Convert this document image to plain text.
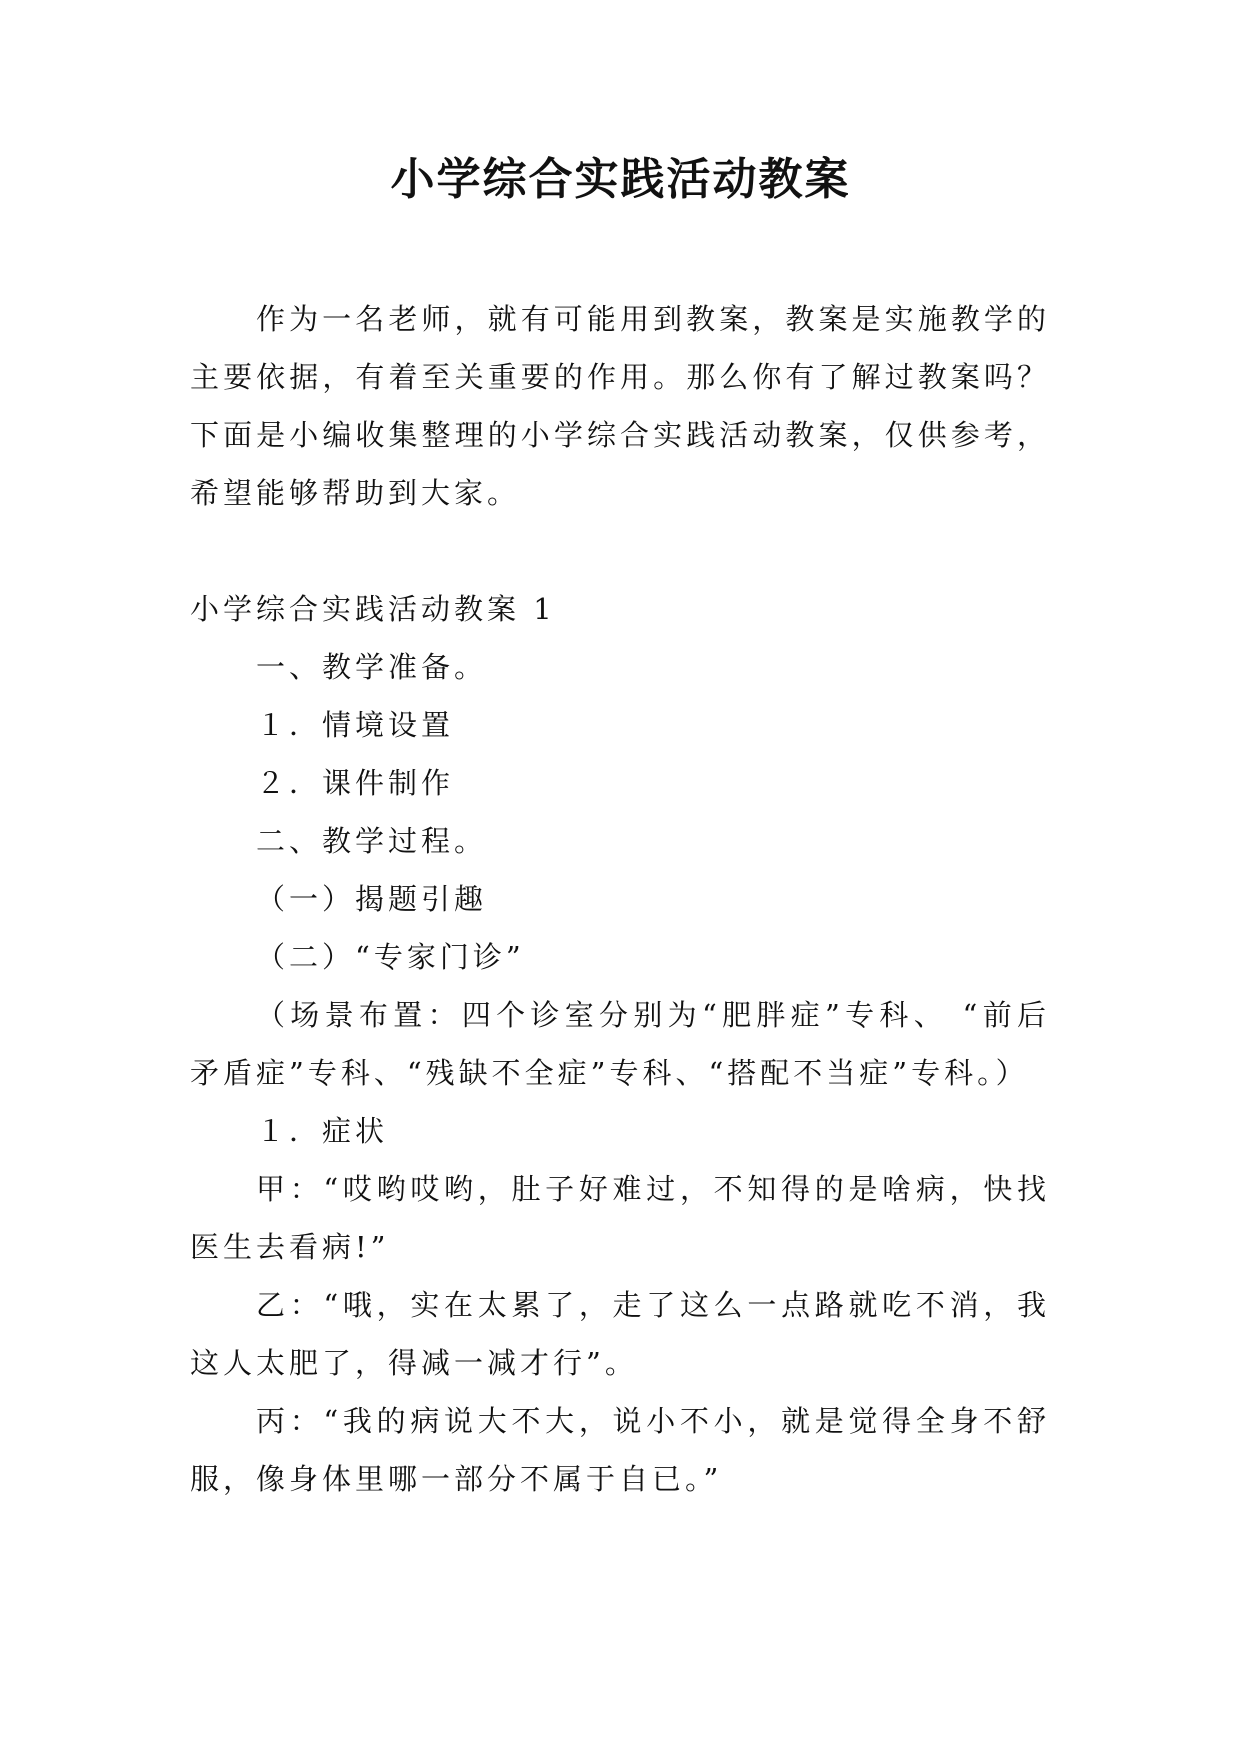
小学综合实践活动教案

作为一名老师，就有可能用到教案，教案是实施教学的主要依据，有着至关重要的作用。那么你有了解过教案吗？下面是小编收集整理的小学综合实践活动教案，仅供参考，希望能够帮助到大家。

小学综合实践活动教案 1

一、教学准备。

１．情境设置

２．课件制作

二、教学过程。

（一）揭题引趣

（二）“专家门诊”

（场景布置：四个诊室分别为“肥胖症”专科、 “前后矛盾症”专科、“残缺不全症”专科、“搭配不当症”专科。）

１．症状

甲：“哎哟哎哟，肚子好难过，不知得的是啥病，快找医生去看病!”

乙：“哦，实在太累了，走了这么一点路就吃不消，我这人太肥了，得减一减才行”。

丙：“我的病说大不大，说小不小，就是觉得全身不舒服，像身体里哪一部分不属于自已。”
